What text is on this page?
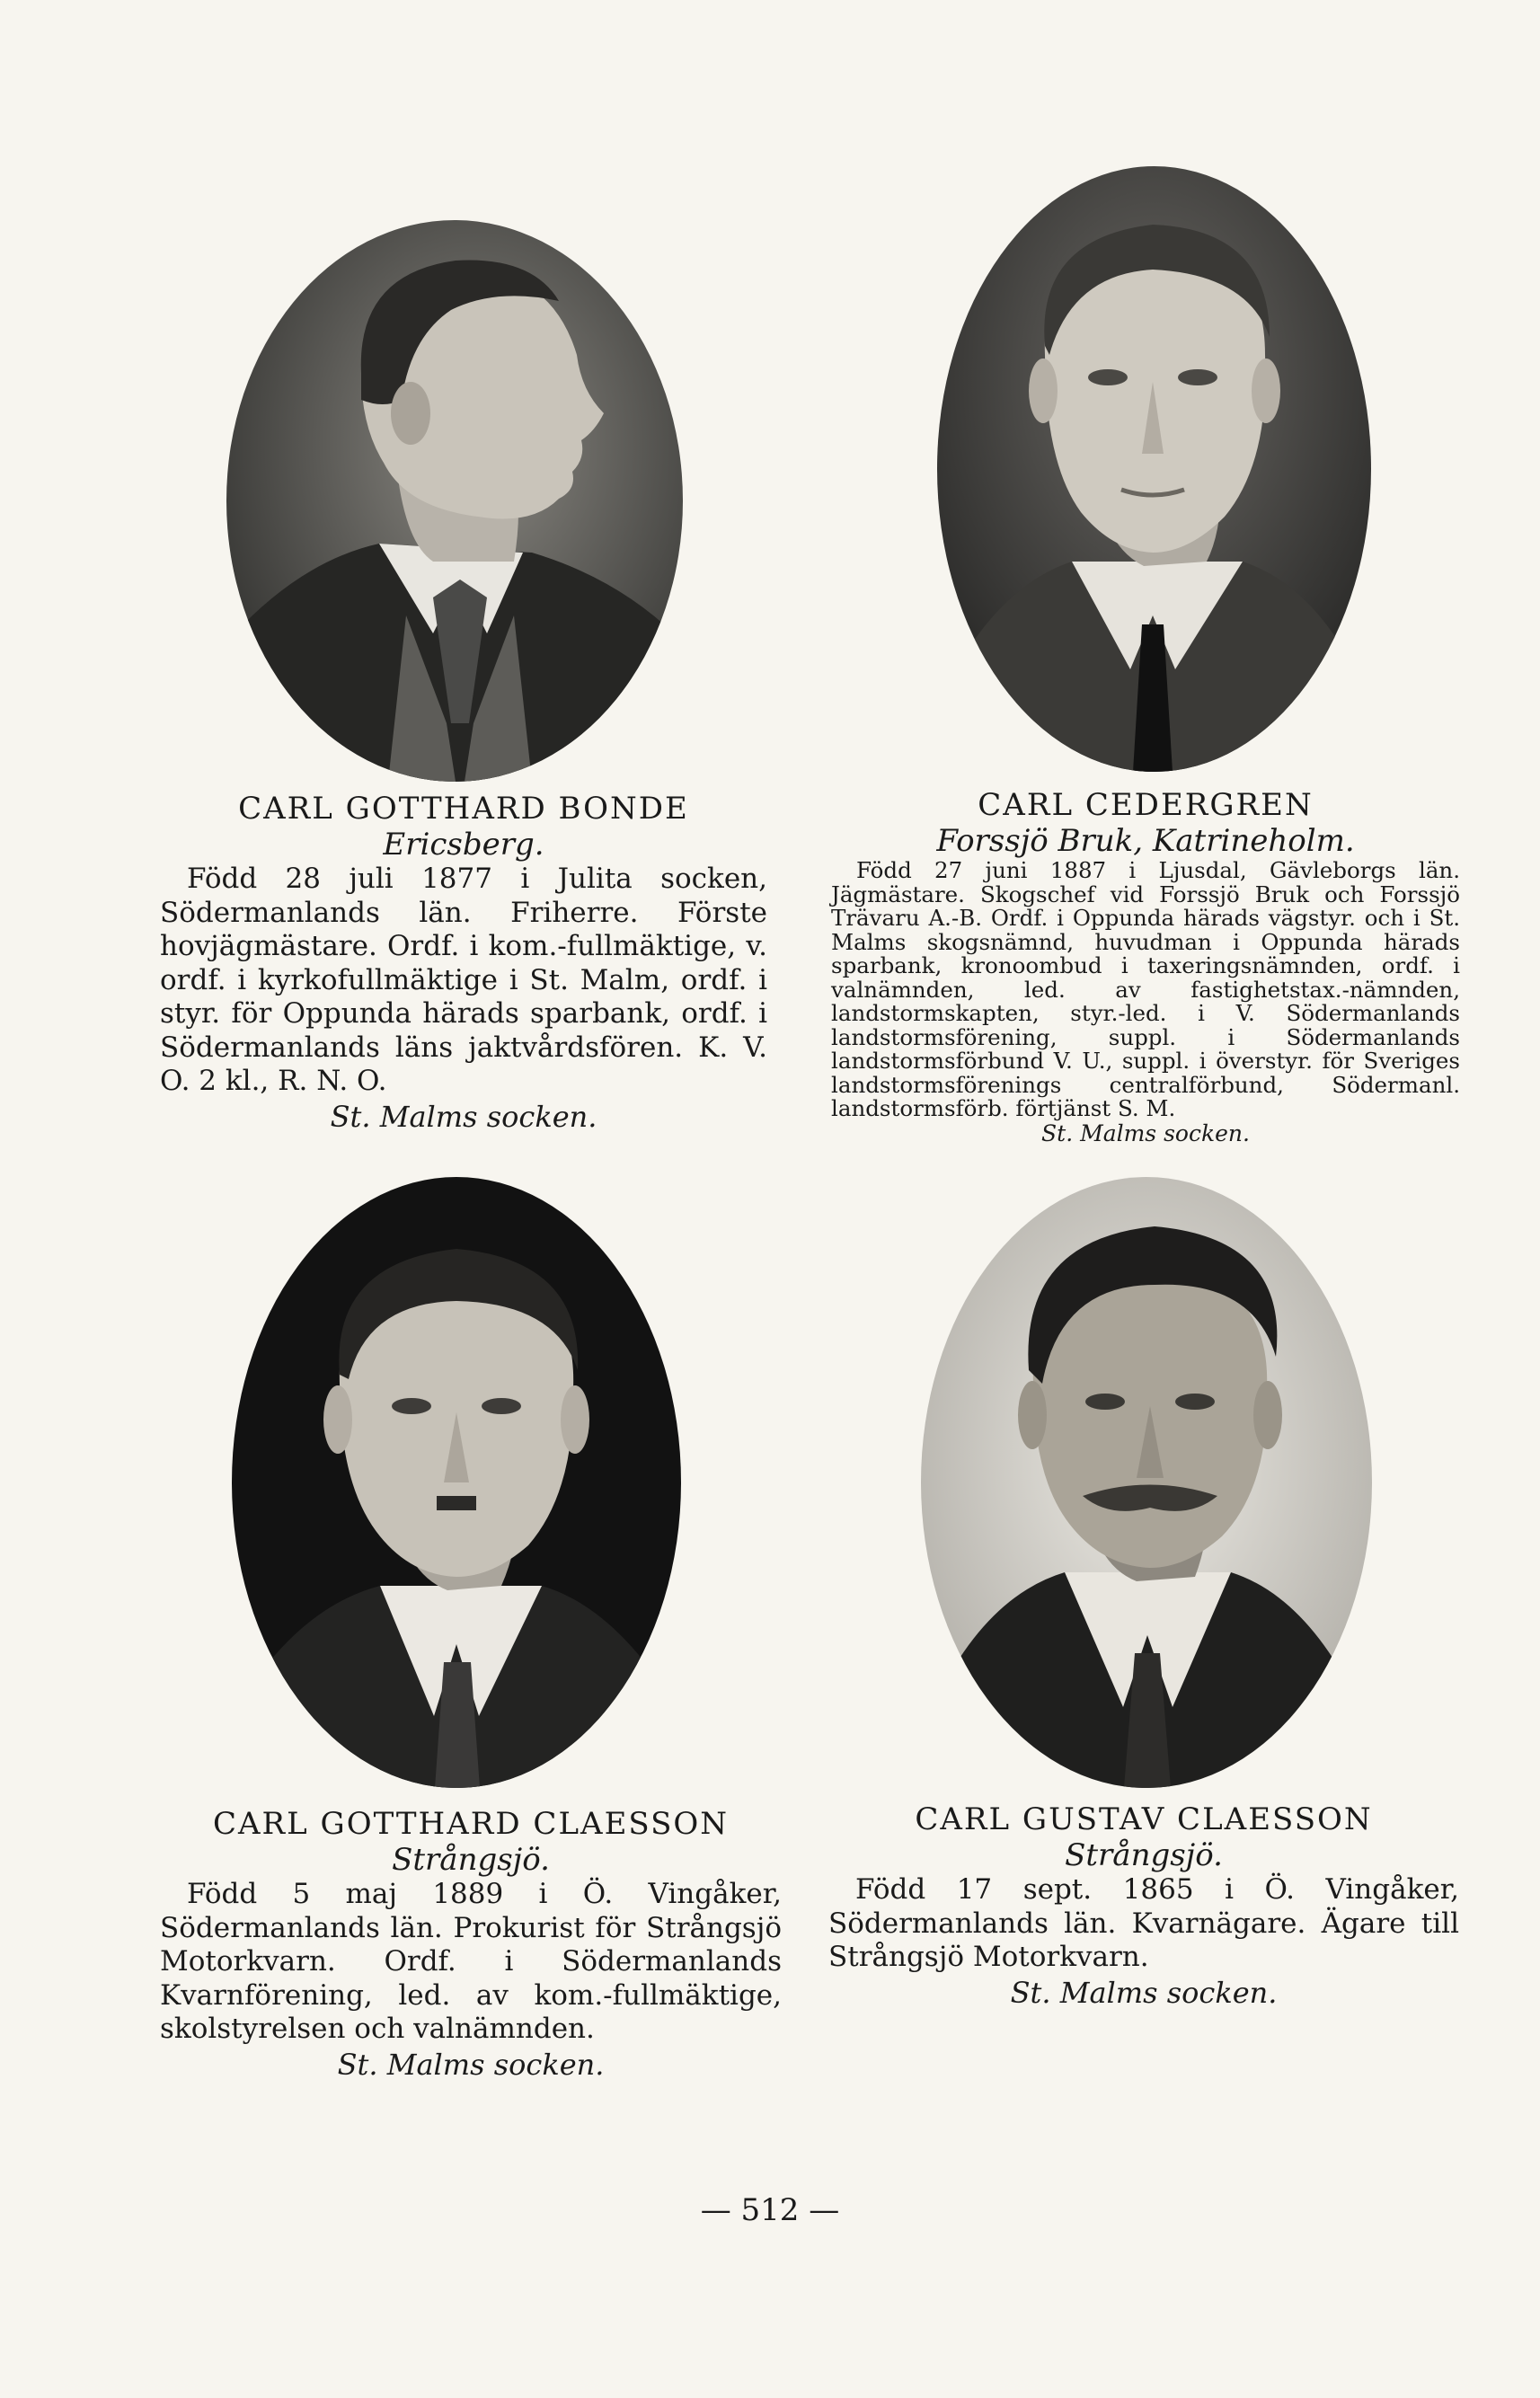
CARL GOTTHARD BONDE

Ericsberg.

Född 28 juli 1877 i Julita socken, Södermanlands län. Friherre. Förste hovjägmästare. Ordf. i kom.-fullmäktige, v. ordf. i kyrkofullmäktige i St. Malm, ordf. i styr. för Oppunda härads sparbank, ordf. i Södermanlands läns jaktvårdsfören. K. V. O. 2 kl., R. N. O.

St. Malms socken.

CARL CEDERGREN

Forssjö Bruk, Katrineholm.

Född 27 juni 1887 i Ljusdal, Gävleborgs län. Jägmästare. Skogschef vid Forssjö Bruk och Forssjö Trävaru A.-B. Ordf. i Oppunda härads vägstyr. och i St. Malms skogsnämnd, huvudman i Oppunda härads sparbank, kronoombud i taxeringsnämnden, ordf. i valnämnden, led. av fastighetstax.-nämnden, landstormskapten, styr.-led. i V. Södermanlands landstormsförening, suppl. i Södermanlands landstormsförbund V. U., suppl. i överstyr. för Sveriges landstormsförenings centralförbund, Södermanl. landstormsförb. förtjänst S. M.

St. Malms socken.

CARL GOTTHARD CLAESSON

Strångsjö.

Född 5 maj 1889 i Ö. Vingåker, Södermanlands län. Prokurist för Strångsjö Motorkvarn. Ordf. i Södermanlands Kvarnförening, led. av kom.-fullmäktige, skolstyrelsen och valnämnden.

St. Malms socken.

CARL GUSTAV CLAESSON

Strångsjö.

Född 17 sept. 1865 i Ö. Vingåker, Södermanlands län. Kvarnägare. Ägare till Strångsjö Motorkvarn.

St. Malms socken.

— 512 —
